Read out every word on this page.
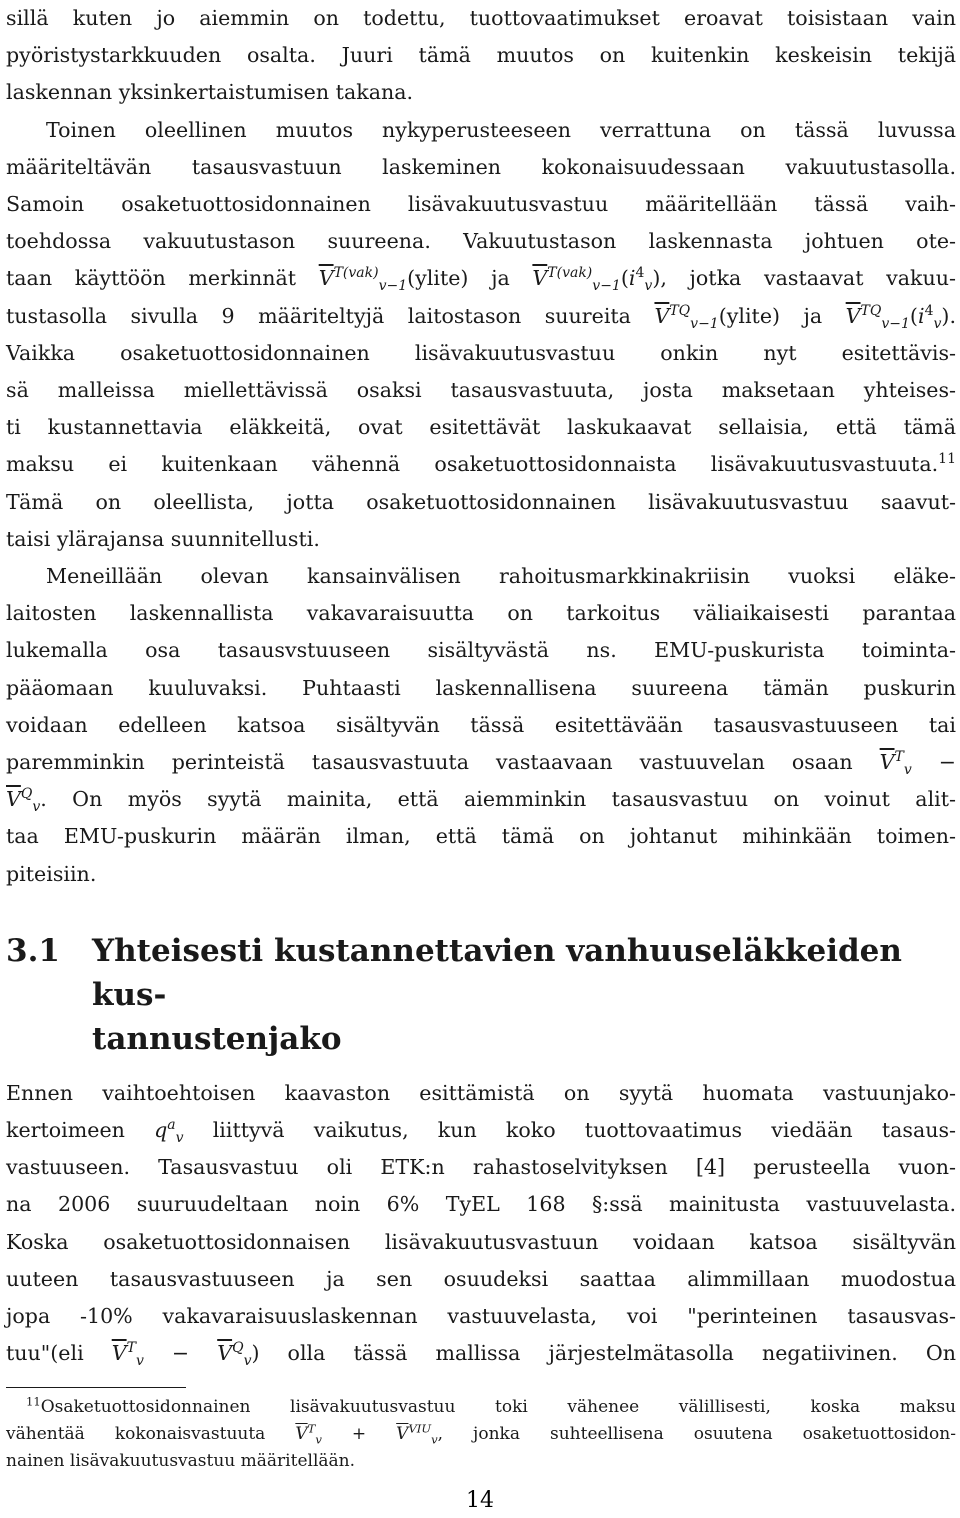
sillä kuten jo aiemmin on todettu, tuottovaatimukset eroavat toisistaan vain
pyöristystarkkuuden osalta. Juuri tämä muutos on kuitenkin keskeisin tekijä
laskennan yksinkertaistumisen takana.

Toinen oleellinen muutos nykyperusteeseen verrattuna on tässä luvussa
määriteltävän tasausvastuun laskeminen kokonaisuudessaan vakuutustasolla.
Samoin osaketuottosidonnainen lisävakuutusvastuu määritellään tässä vaih-
toehdossa vakuutustason suureena. Vakuutustason laskennasta johtuen ote-
taan käyttöön merkinnät $\overline{V}^{T(vak)}_{v-1}(ylite)$ ja $\overline{V}^{T(vak)}_{v-1}(i^4_v)$, jotka vastaavat vakuu-
tustasolla sivulla 9 määriteltyjä laitostason suureita $\overline{V}^{TQ}_{v-1}(ylite)$ ja $\overline{V}^{TQ}_{v-1}(i^4_v)$.
Vaikka osaketuottosidonnainen lisävakuutusvastuu onkin nyt esitettävis-
sä malleissa miellettävissä osaksi tasausvastuuta, josta maksetaan yhteises-
ti kustannettavia eläkkeitä, ovat esitettävät laskukaavat sellaisia, että tämä
maksu ei kuitenkaan vähennä osaketuottosidonnaista lisävakuutusvastuuta.$^{11}$
Tämä on oleellista, jotta osaketuottosidonnainen lisävakuutusvastuu saavut-
taisi ylärajansa suunnitellusti.

Meneillään olevan kansainvälisen rahoitusmarkkinakriisin vuoksi eläke-
laitosten laskennallista vakavaraisuutta on tarkoitus väliaikaisesti parantaa
lukemalla osa tasausvstuuseen sisältyvästä ns. EMU-puskurista toiminta-
pääomaan kuuluvaksi. Puhtaasti laskennallisena suureena tämän puskurin
voidaan edelleen katsoa sisältyvän tässä esitettävään tasausvastuuseen tai
paremminkin perinteistä tasausvastuuta vastaavaan vastuuvelan osaan $\overline{V}^T_v$ −
$\overline{V}^Q_v$. On myös syytä mainita, että aiemminkin tasausvastuu on voinut alit-
taa EMU-puskurin määrän ilman, että tämä on johtanut mihinkään toimen-
piteisiin.

3.1	Yhteisesti kustannettavien vanhuuseläkkeiden kus-
tannustenjako

Ennen vaihtoehtoisen kaavaston esittämistä on syytä huomata vastuunjako-
kertoimeen $q^a_v$ liittyvä vaikutus, kun koko tuottovaatimus viedään tasaus-
vastuuseen. Tasausvastuu oli ETK:n rahastoselvityksen [4] perusteella vuon-
na 2006 suuruudeltaan noin 6% TyEL 168 §:ssä mainitusta vastuuvelasta.
Koska osaketuottosidonnaisen lisävakuutusvastuun voidaan katsoa sisältyvän
uuteen tasausvastuuseen ja sen osuudeksi saattaa alimmillaan muodostua
jopa -10% vakavaraisuuslaskennan vastuuvelasta, voi "perinteinen tasausvas-
tuu"(eli $\overline{V}^T_v - \overline{V}^Q_v$) olla tässä mallissa järjestelmätasolla negatiivinen. On

$^{11}$Osaketuottosidonnainen lisävakuutusvastuu toki vähenee välillisesti, koska maksu
vähentää kokonaisvastuuta $\overline{V}^T_v + \overline{V}^{VIU}_v$, jonka suhteellisena osuutena osaketuottosidon-
nainen lisävakuutusvastuu määritellään.
14
